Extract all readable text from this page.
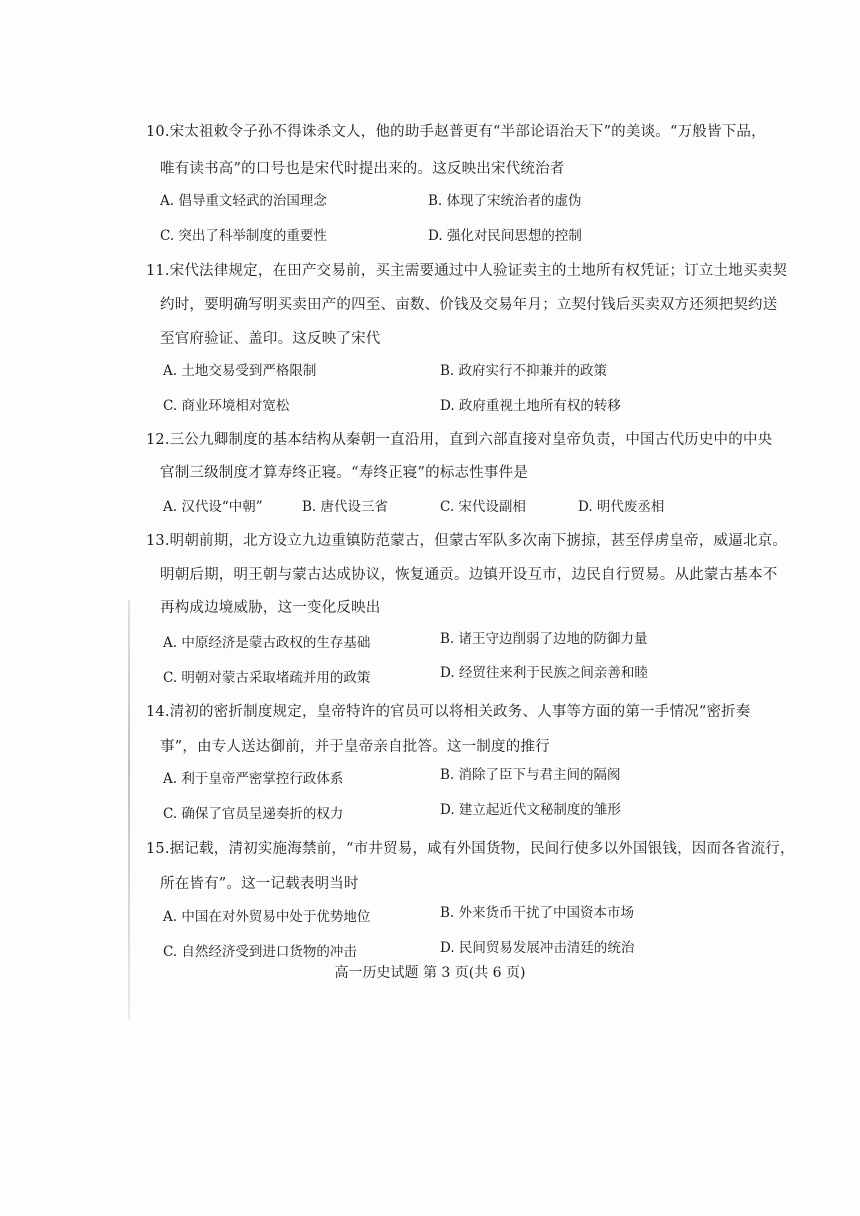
10.宋太祖敕令子孙不得诛杀文人，他的助手赵普更有“半部论语治天下”的美谈。“万般皆下品，
唯有读书高”的口号也是宋代时提出来的。这反映出宋代统治者
A. 倡导重文轻武的治国理念	B. 体现了宋统治者的虚伪
C. 突出了科举制度的重要性	D. 强化对民间思想的控制
11.宋代法律规定，在田产交易前，买主需要通过中人验证卖主的土地所有权凭证；订立土地买卖契
约时，要明确写明买卖田产的四至、亩数、价钱及交易年月；立契付钱后买卖双方还须把契约送
至官府验证、盖印。这反映了宋代
A. 土地交易受到严格限制	B. 政府实行不抑兼并的政策
C. 商业环境相对宽松	D. 政府重视土地所有权的转移
12.三公九卿制度的基本结构从秦朝一直沿用，直到六部直接对皇帝负责，中国古代历史中的中央
官制三级制度才算寿终正寝。“寿终正寝”的标志性事件是
A. 汉代设“中朝”	B. 唐代设三省	C. 宋代设副相	D. 明代废丞相
13.明朝前期，北方设立九边重镇防范蒙古，但蒙古军队多次南下掳掠，甚至俘虏皇帝，威逼北京。
明朝后期，明王朝与蒙古达成协议，恢复通贡。边镇开设互市，边民自行贸易。从此蒙古基本不
再构成边境威胁，这一变化反映出
A. 中原经济是蒙古政权的生存基础	B. 诸王守边削弱了边地的防御力量
C. 明朝对蒙古采取堵疏并用的政策	D. 经贸往来利于民族之间亲善和睦
14.清初的密折制度规定，皇帝特许的官员可以将相关政务、人事等方面的第一手情况“密折奏
事”，由专人送达御前，并于皇帝亲自批答。这一制度的推行
A. 利于皇帝严密掌控行政体系	B. 消除了臣下与君主间的隔阂
C. 确保了官员呈递奏折的权力	D. 建立起近代文秘制度的雏形
15.据记载，清初实施海禁前，“市井贸易，咸有外国货物，民间行使多以外国银钱，因而各省流行，
所在皆有”。这一记载表明当时
A. 中国在对外贸易中处于优势地位	B. 外来货币干扰了中国资本市场
C. 自然经济受到进口货物的冲击	D. 民间贸易发展冲击清廷的统治
高一历史试题 第 3 页(共 6 页)
